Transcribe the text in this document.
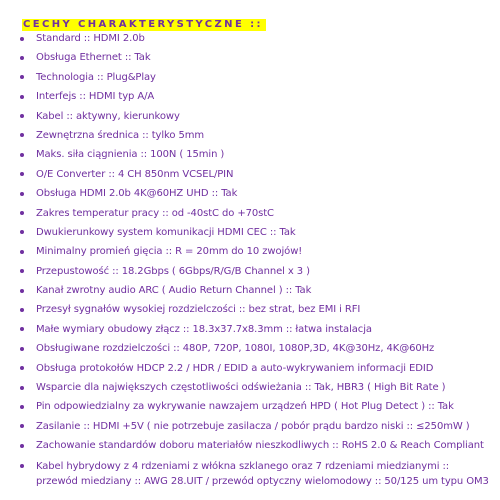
CECHY CHARAKTERYSTYCZNE ::
Standard :: HDMI 2.0b
Obsługa Ethernet :: Tak
Technologia :: Plug&Play
Interfejs :: HDMI typ A/A
Kabel :: aktywny, kierunkowy
Zewnętrzna średnica :: tylko 5mm
Maks. siła ciągnienia :: 100N ( 15min )
O/E Converter :: 4 CH 850nm VCSEL/PIN
Obsługa HDMI 2.0b 4K@60HZ UHD :: Tak
Zakres temperatur pracy :: od -40stC do +70stC
Dwukierunkowy system komunikacji HDMI CEC :: Tak
Minimalny promień gięcia :: R = 20mm do 10 zwojów!
Przepustowość :: 18.2Gbps ( 6Gbps/R/G/B Channel x 3 )
Kanał zwrotny audio ARC ( Audio Return Channel ) :: Tak
Przesył sygnałów wysokiej rozdzielczości :: bez strat, bez EMI i RFI
Małe wymiary obudowy złącz :: 18.3x37.7x8.3mm :: łatwa instalacja
Obsługiwane rozdzielczości :: 480P, 720P, 1080I, 1080P,3D, 4K@30Hz, 4K@60Hz
Obsługa protokołów HDCP 2.2 / HDR / EDID a auto-wykrywaniem informacji EDID
Wsparcie dla największych częstotliwości odświeżania :: Tak, HBR3 ( High Bit Rate )
Pin odpowiedzialny za wykrywanie nawzajem urządzeń HPD ( Hot Plug Detect ) :: Tak
Zasilanie :: HDMI +5V ( nie potrzebuje zasilacza / pobór prądu bardzo niski :: ≤250mW )
Zachowanie standardów doboru materiałów nieszkodliwych :: RoHS 2.0 & Reach Compliant
Kabel hybrydowy z 4 rdzeniami z włókna szklanego oraz 7 rdzeniami miedzianymi :: przewód miedziany :: AWG 28.UIT / przewód optyczny wielomodowy :: 50/125 um typu OM3
